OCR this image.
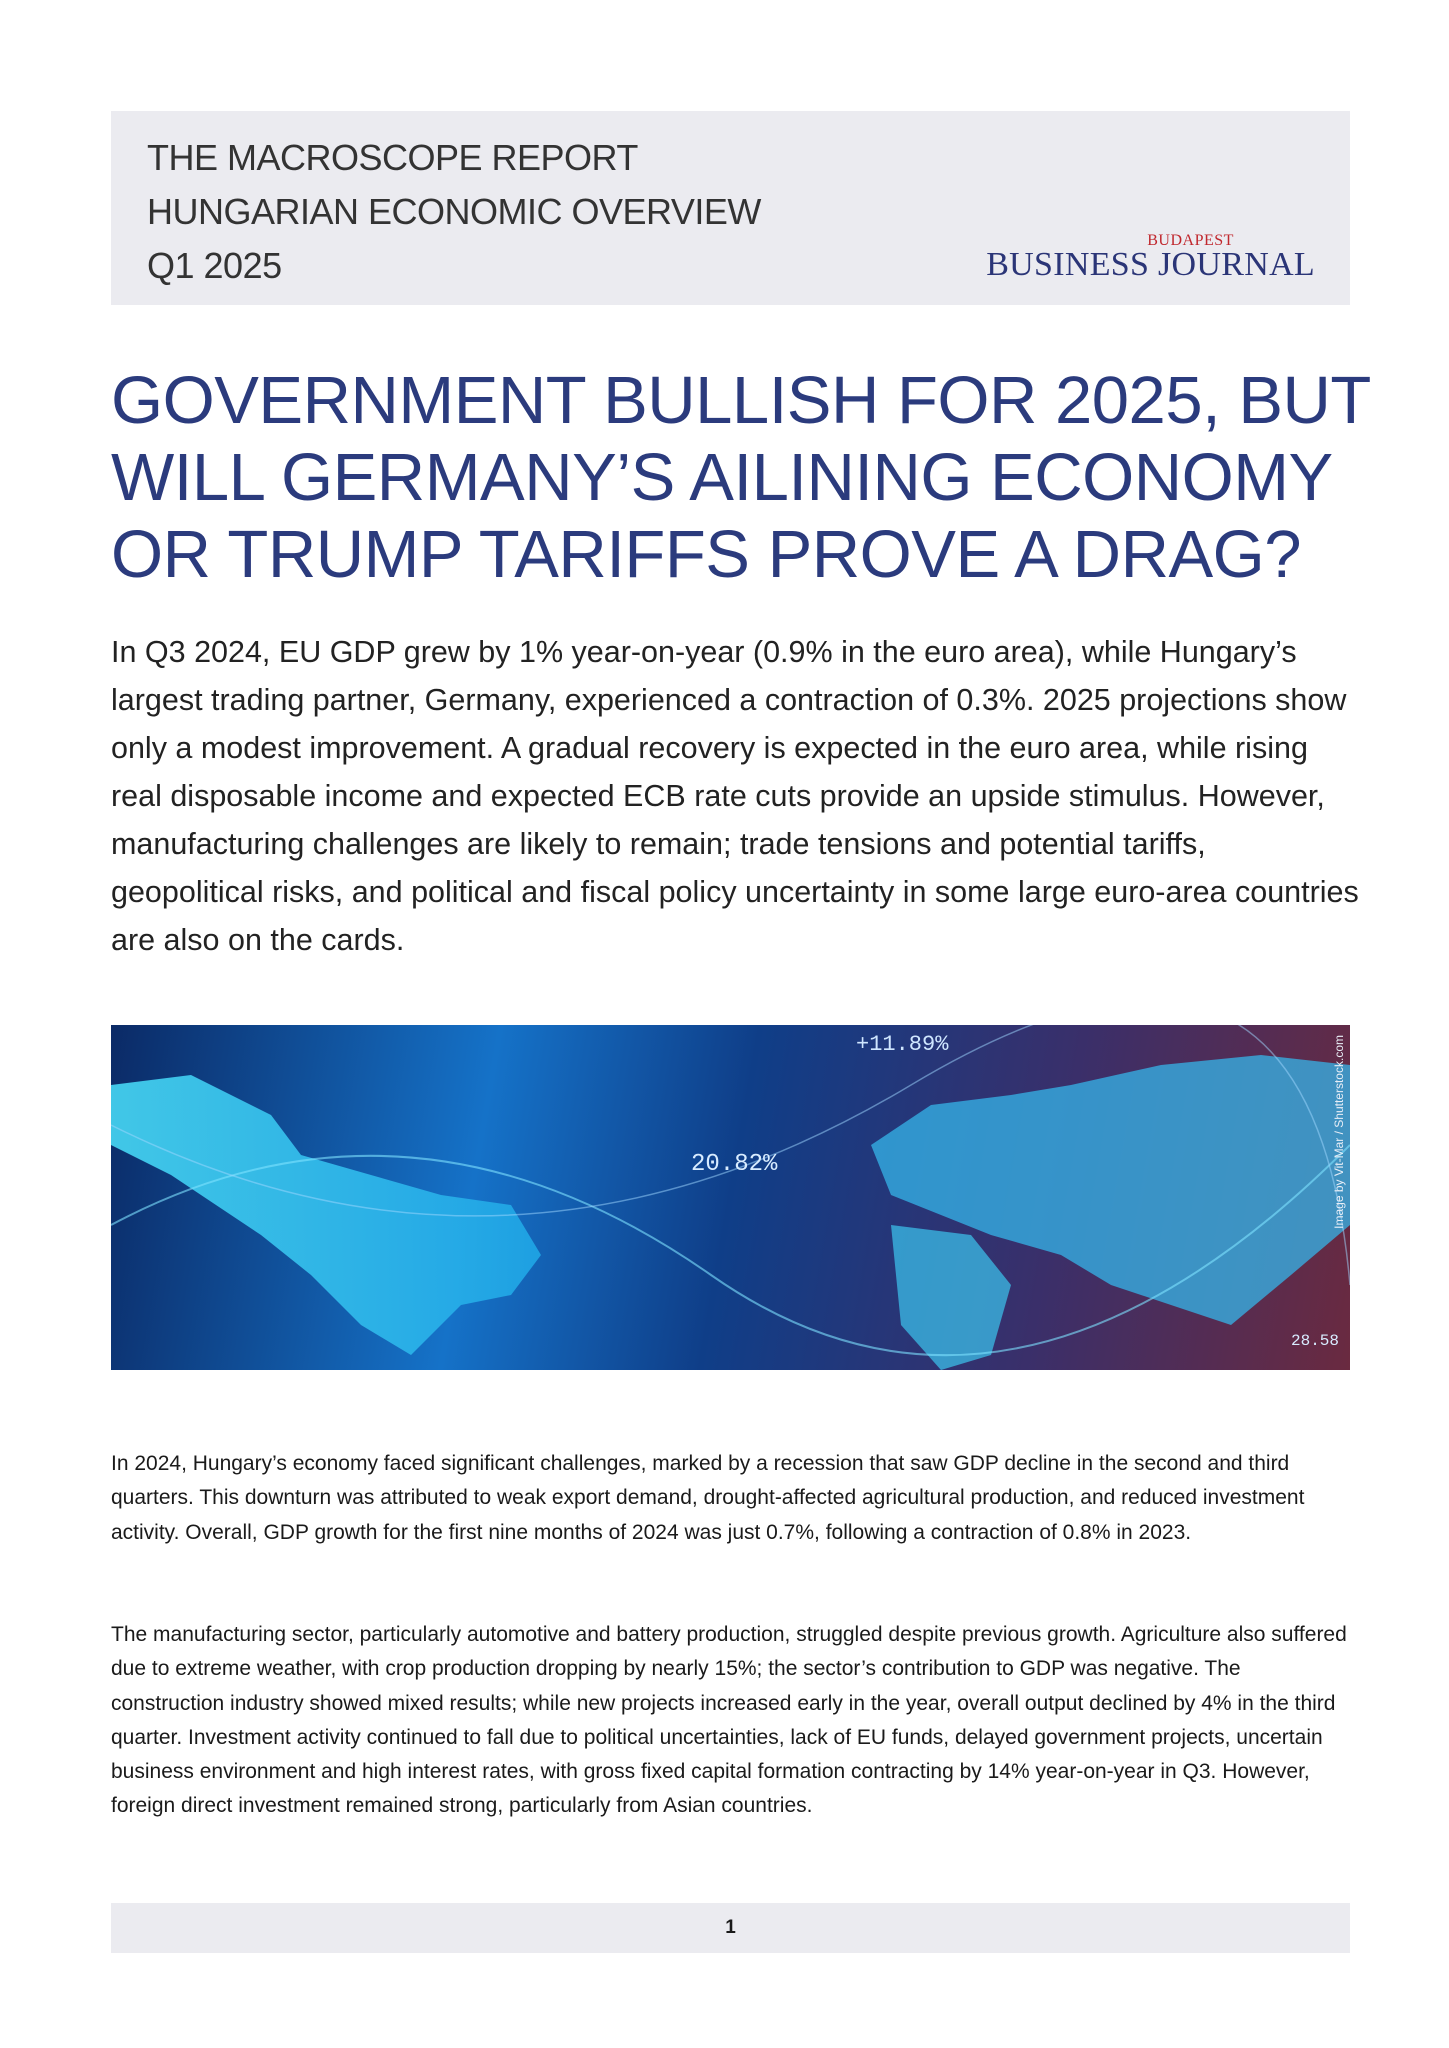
THE MACROSCOPE REPORT
HUNGARIAN ECONOMIC OVERVIEW
Q1 2025
BUDAPEST
BUSINESS JOURNAL
GOVERNMENT BULLISH FOR 2025, BUT WILL GERMANY’S AILINING ECONOMY OR TRUMP TARIFFS PROVE A DRAG?

In Q3 2024, EU GDP grew by 1% year-on-year (0.9% in the euro area), while Hungary’s largest trading partner, Germany, experienced a contraction of 0.3%. 2025 projections show only a modest improvement. A gradual recovery is expected in the euro area, while rising real disposable income and expected ECB rate cuts provide an upside stimulus. However, manufacturing challenges are likely to remain; trade tensions and potential tariffs, geopolitical risks, and political and fiscal policy uncertainty in some large euro-area countries are also on the cards.

+11.89%
20.82%
28.58
Image by Vit-Mar / Shutterstock.com

In 2024, Hungary’s economy faced significant challenges, marked by a recession that saw GDP decline in the second and third quarters. This downturn was attributed to weak export demand, drought-affected agricultural production, and reduced investment activity. Overall, GDP growth for the first nine months of 2024 was just 0.7%, following a contraction of 0.8% in 2023.

The manufacturing sector, particularly automotive and battery production, struggled despite previous growth. Agriculture also suffered due to extreme weather, with crop production dropping by nearly 15%; the sector’s contribution to GDP was negative. The construction industry showed mixed results; while new projects increased early in the year, overall output declined by 4% in the third quarter. Investment activity continued to fall due to political uncertainties, lack of EU funds, delayed government projects, uncertain business environment and high interest rates, with gross fixed capital formation contracting by 14% year-on-year in Q3. However, foreign direct investment remained strong, particularly from Asian countries.

1
